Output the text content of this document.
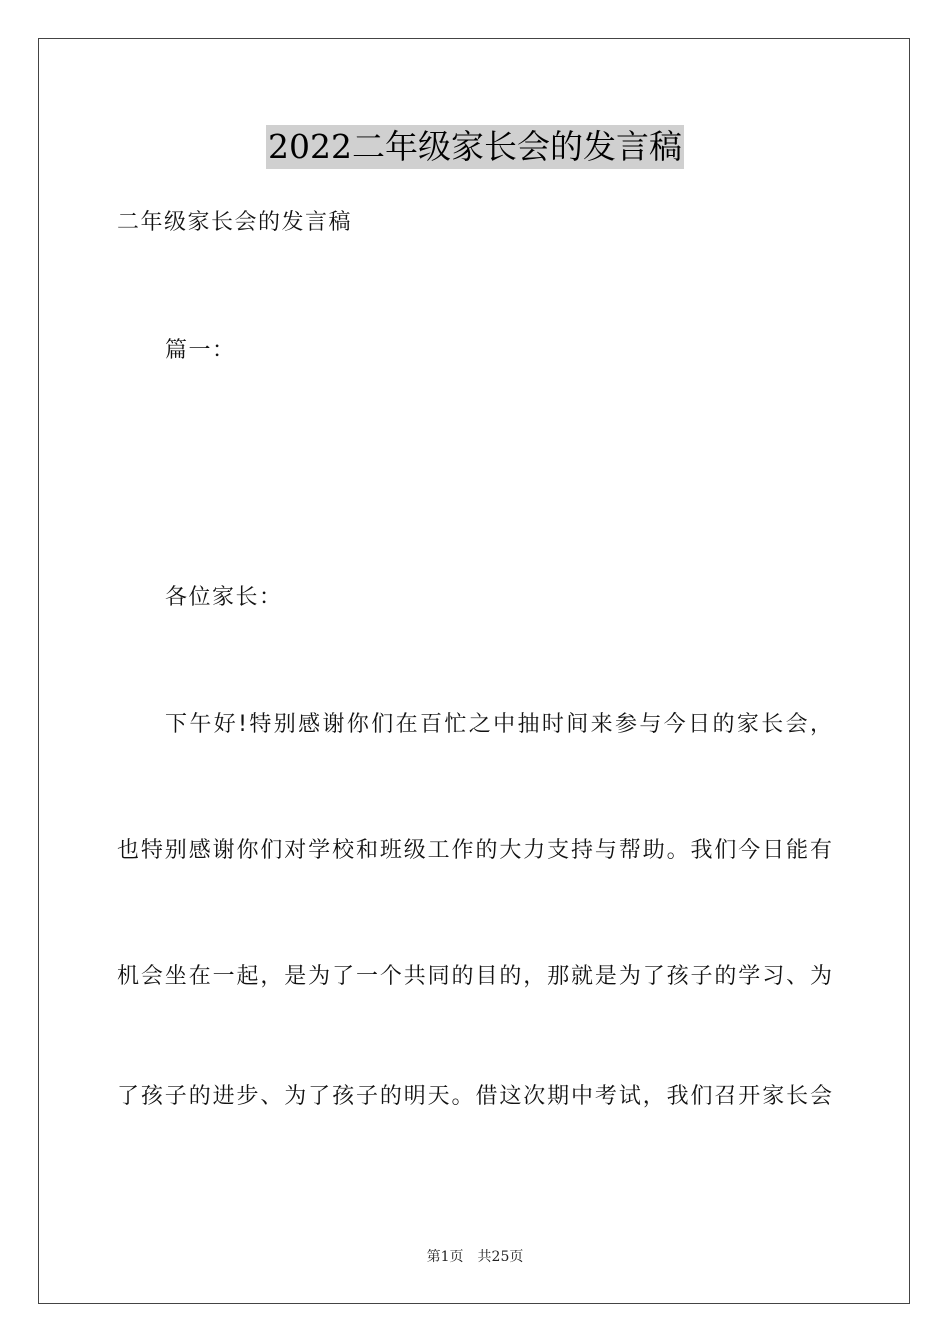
2022二年级家长会的发言稿
二年级家长会的发言稿
篇一：
各位家长：
下午好!特别感谢你们在百忙之中抽时间来参与今日的家长会，
也特别感谢你们对学校和班级工作的大力支持与帮助。我们今日能有
机会坐在一起，是为了一个共同的目的，那就是为了孩子的学习、为
了孩子的进步、为了孩子的明天。借这次期中考试，我们召开家长会
第1页 共25页
